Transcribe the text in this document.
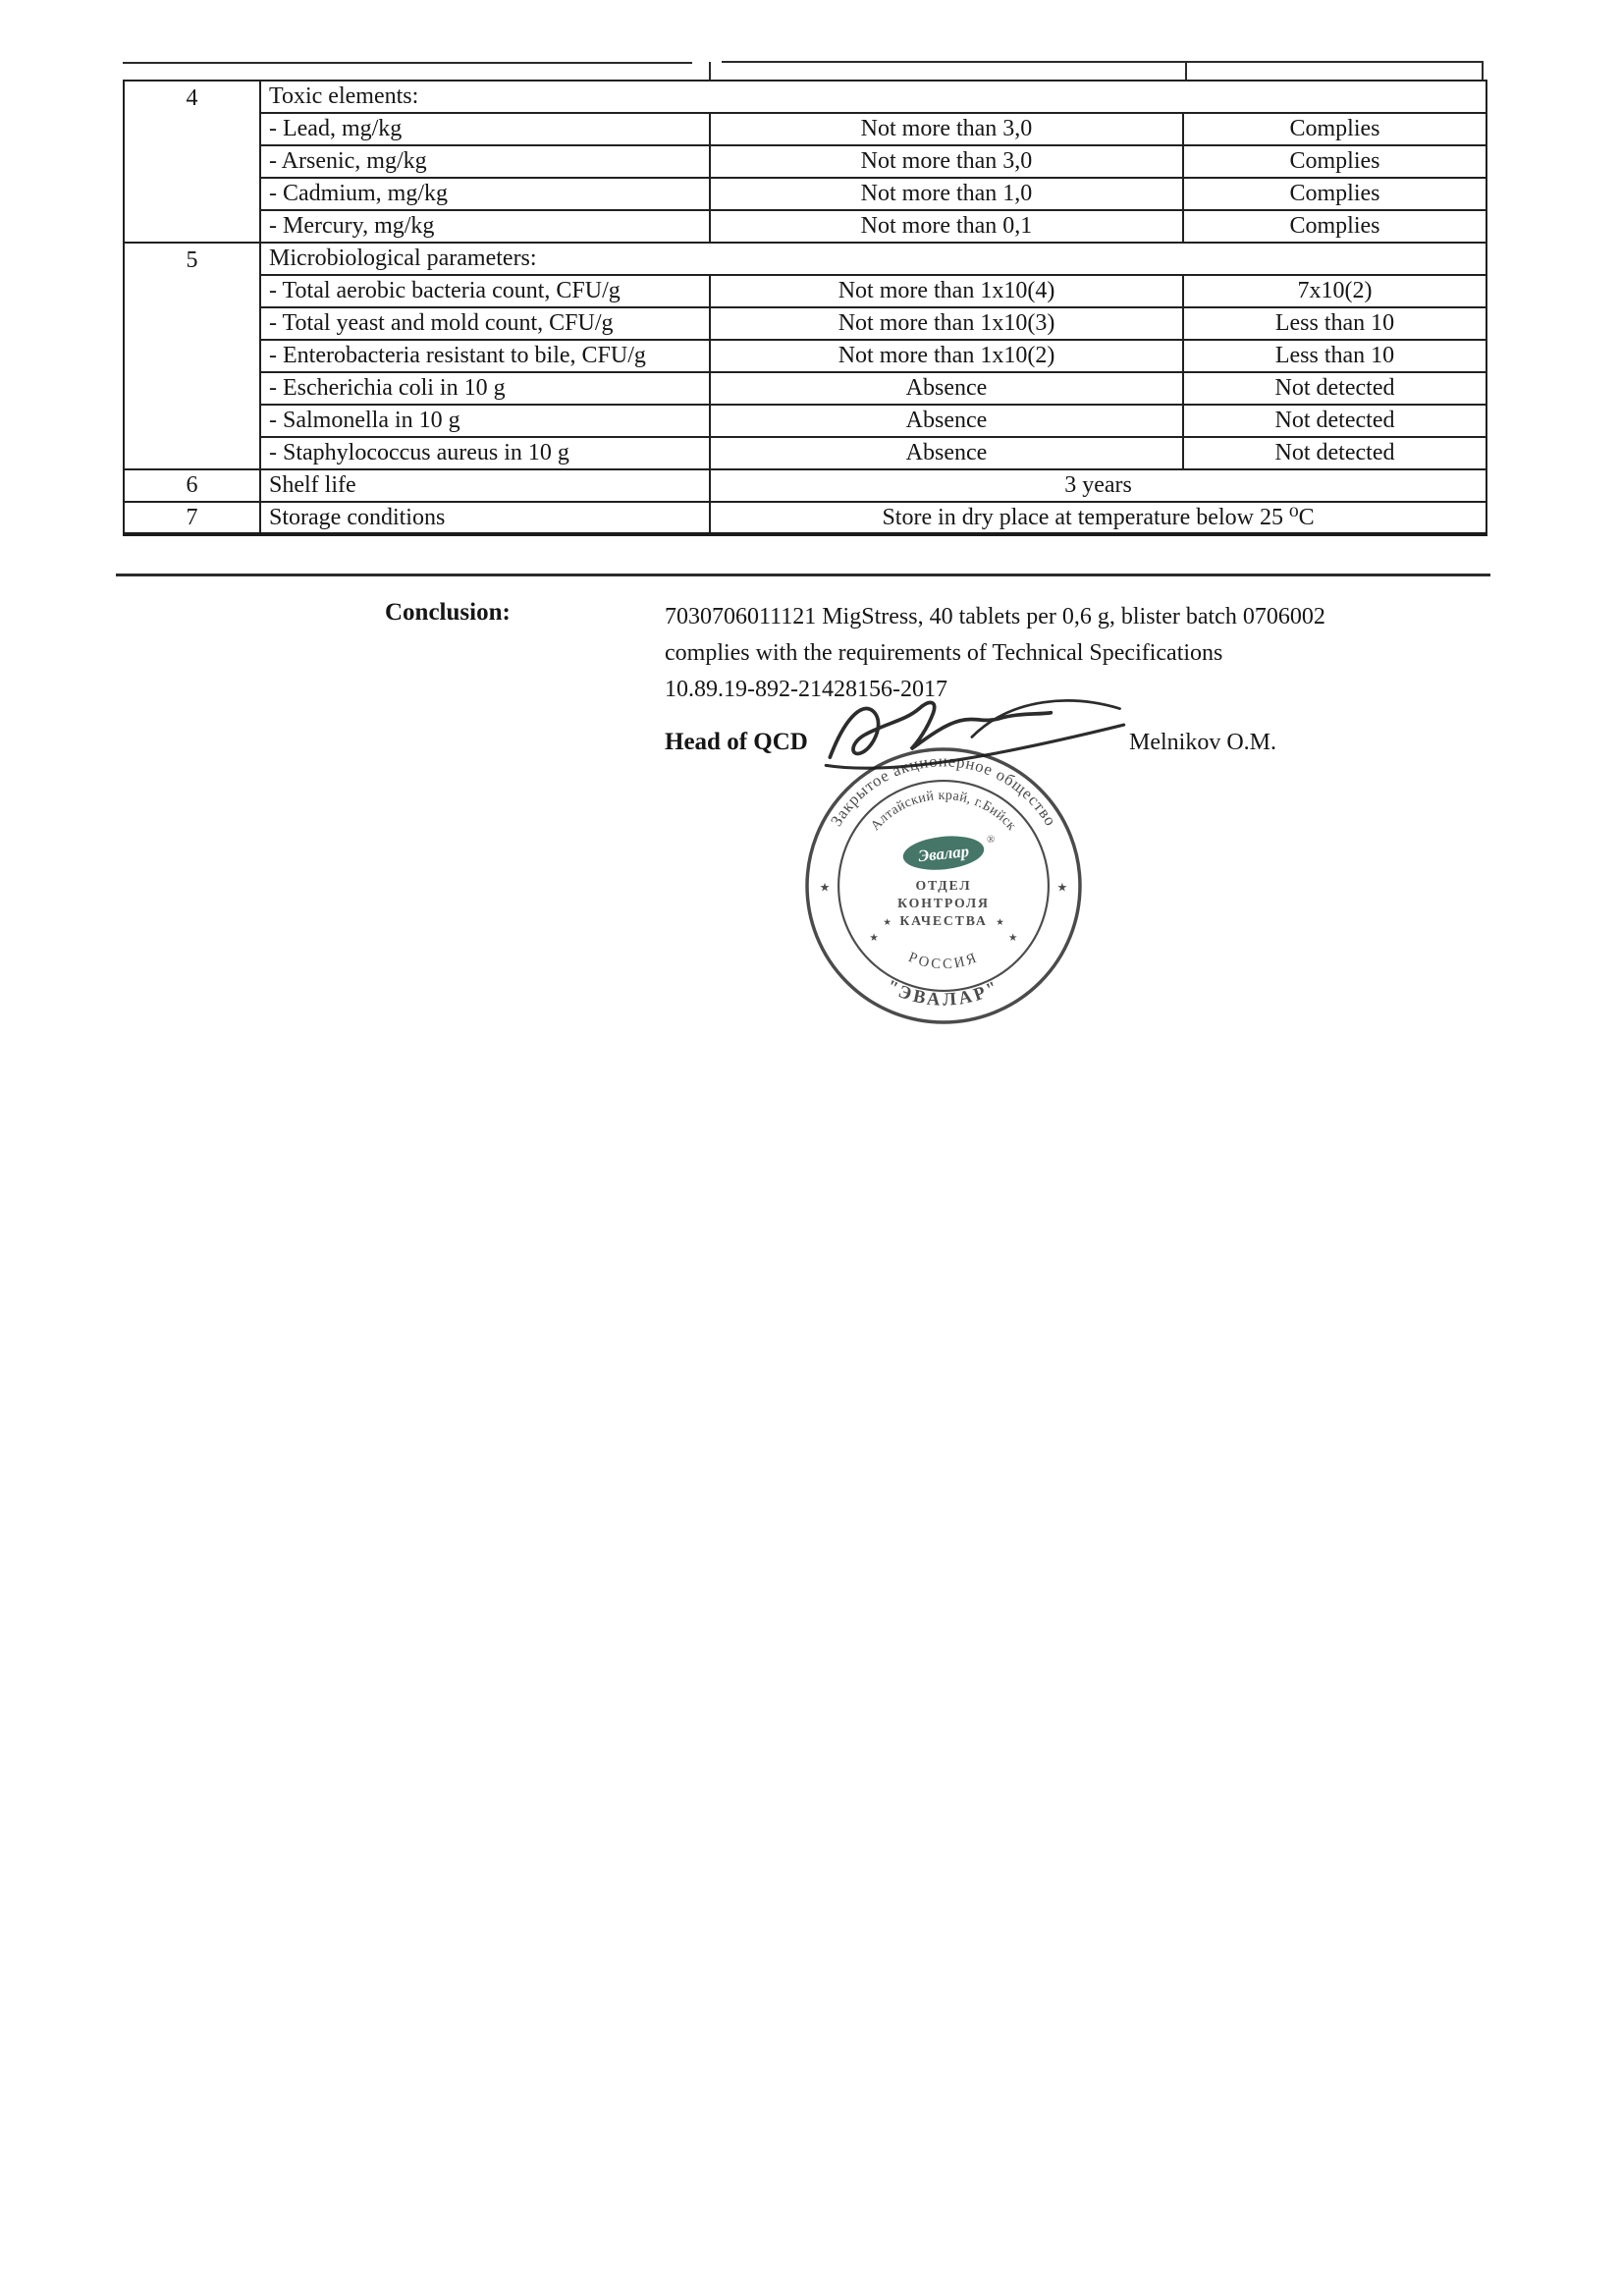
4	Toxic elements:		
	- Lead, mg/kg	Not more than 3,0	Complies
	- Arsenic, mg/kg	Not more than 3,0	Complies
	- Cadmium, mg/kg	Not more than 1,0	Complies
	- Mercury, mg/kg	Not more than 0,1	Complies
5	Microbiological parameters:		
	- Total aerobic bacteria count, CFU/g	Not more than 1x10(4)	7x10(2)
	- Total yeast and mold count, CFU/g	Not more than 1x10(3)	Less than 10
	- Enterobacteria resistant to bile, CFU/g	Not more than 1x10(2)	Less than 10
	- Escherichia coli in 10 g	Absence	Not detected
	- Salmonella in 10 g	Absence	Not detected
	- Staphylococcus aureus in 10 g	Absence	Not detected
6	Shelf life	3 years	
7	Storage conditions	Store in dry place at temperature below 25 ⁰C	
Conclusion:	7030706011121 MigStress, 40 tablets per 0,6 g, blister batch 0706002
complies with the requirements of Technical Specifications
10.89.19-892-21428156-2017
Head of QCD	Melnikov O.M.
Закрытое акционерное общество
Алтайский край, г.Бийск
"ЭВАЛАР"
РОССИЯ
Эвалар
®
ОТДЕЛ
КОНТРОЛЯ
КАЧЕСТВА
★	★
★	★
★	★
